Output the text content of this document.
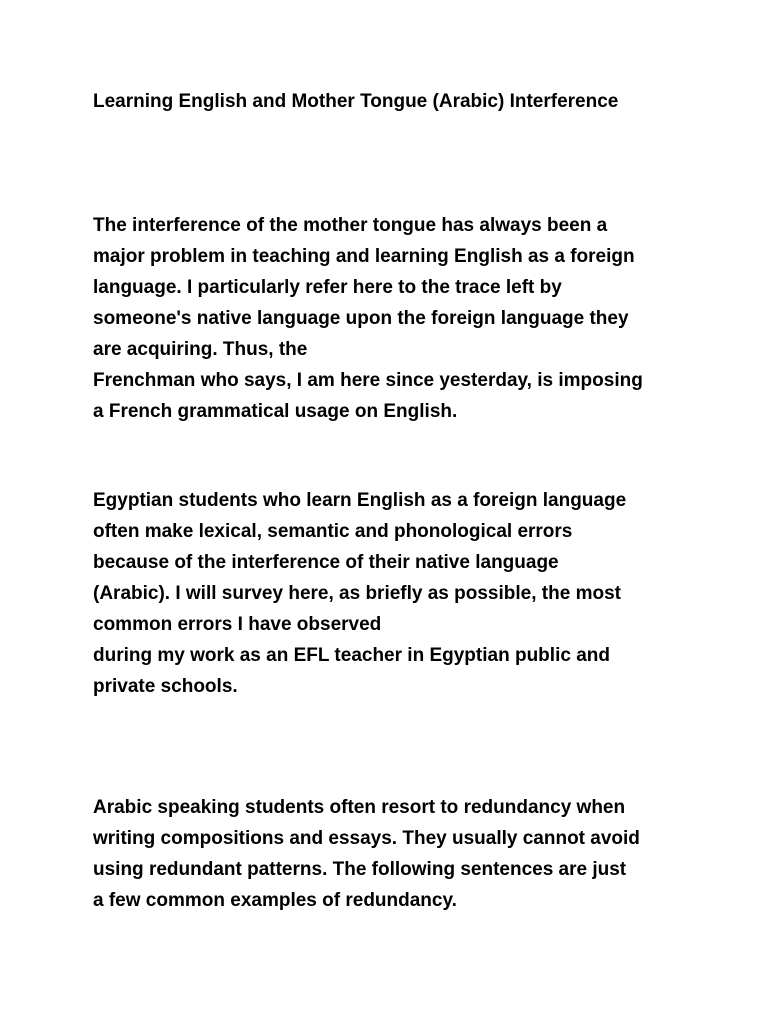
Learning English and Mother Tongue (Arabic) Interference

The interference of the mother tongue has always been a
major problem in teaching and learning English as a foreign
language. I particularly refer here to the trace left by
someone's native language upon the foreign language they
are acquiring. Thus, the
Frenchman who says, I am here since yesterday, is imposing
a French grammatical usage on English.

Egyptian students who learn English as a foreign language
often make lexical, semantic and phonological errors
because of the interference of their native language
(Arabic). I will survey here, as briefly as possible, the most
common errors I have observed
during my work as an EFL teacher in Egyptian public and
private schools.

Arabic speaking students often resort to redundancy when
writing compositions and essays. They usually cannot avoid
using redundant patterns. The following sentences are just
a few common examples of redundancy.
